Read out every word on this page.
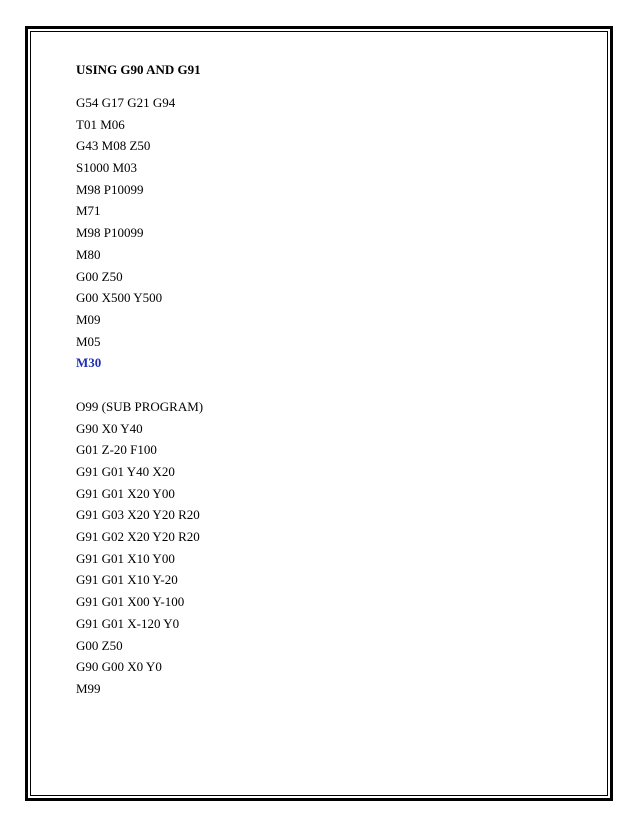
USING G90 AND G91
G54 G17 G21 G94
T01 M06
G43 M08 Z50
S1000 M03
M98 P10099
M71
M98 P10099
M80
G00 Z50
G00 X500 Y500
M09
M05
M30
O99 (SUB PROGRAM)
G90 X0 Y40
G01 Z-20 F100
G91 G01 Y40 X20
G91 G01 X20 Y00
G91 G03 X20 Y20 R20
G91 G02 X20 Y20 R20
G91 G01 X10 Y00
G91 G01 X10 Y-20
G91 G01 X00 Y-100
G91 G01 X-120 Y0
G00 Z50
G90 G00 X0 Y0
M99
